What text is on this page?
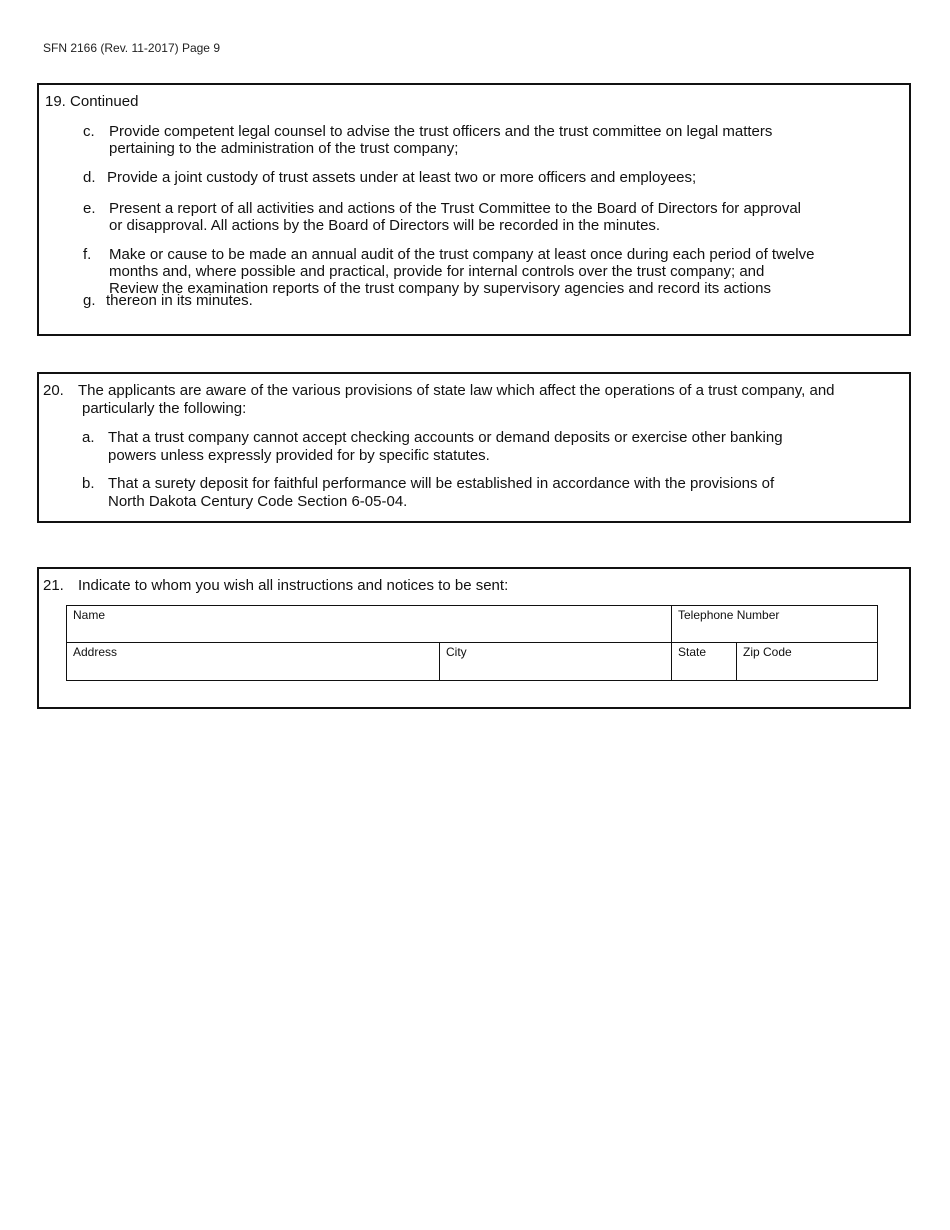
SFN 2166 (Rev. 11-2017) Page 9
19. Continued
c. Provide competent legal counsel to advise the trust officers and the trust committee on legal matters
pertaining to the administration of the trust company;
d. Provide a joint custody of trust assets under at least two or more officers and employees;
e. Present a report of all activities and actions of the Trust Committee to the Board of Directors for approval
or disapproval. All actions by the Board of Directors will be recorded in the minutes.
f. Make or cause to be made an annual audit of the trust company at least once during each period of twelve
months and, where possible and practical, provide for internal controls over the trust company; and
Review the examination reports of the trust company by supervisory agencies and record its actions
g. thereon in its minutes.
20. The applicants are aware of the various provisions of state law which affect the operations of a trust company, and
particularly the following:
a. That a trust company cannot accept checking accounts or demand deposits or exercise other banking
powers unless expressly provided for by specific statutes.
b. That a surety deposit for faithful performance will be established in accordance with the provisions of
North Dakota Century Code Section 6-05-04.
21. Indicate to whom you wish all instructions and notices to be sent:
Name	Telephone Number
Address	City	State	Zip Code
